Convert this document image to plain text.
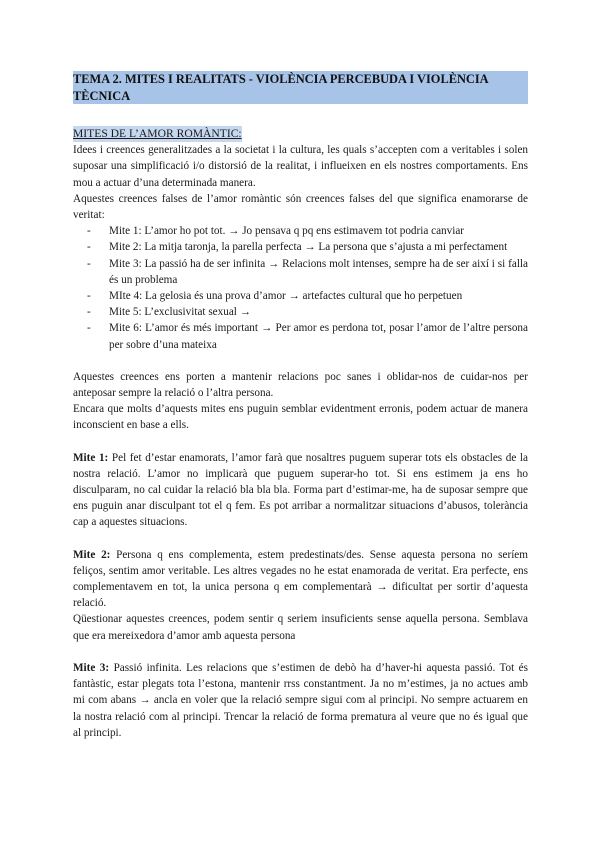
TEMA 2. MITES I REALITATS - VIOLÈNCIA PERCEBUDA I VIOLÈNCIA TÈCNICA
MITES DE L’AMOR ROMÀNTIC:

Idees i creences generalitzades a la societat i la cultura, les quals s’accepten com a veritables i solen suposar una simplificació i/o distorsió de la realitat, i influeixen en els nostres comportaments. Ens mou a actuar d’una determinada manera.

Aquestes creences falses de l’amor romàntic són creences falses del que significa enamorarse de veritat:

- Mite 1: L’amor ho pot tot. → Jo pensava q pq ens estimavem tot podria canviar
- Mite 2: La mitja taronja, la parella perfecta → La persona que s’ajusta a mi perfectament
- Mite 3: La passió ha de ser infinita → Relacions molt intenses, sempre ha de ser així i si falla és un problema
- MIte 4: La gelosia és una prova d’amor → artefactes cultural que ho perpetuen
- Mite 5: L’exclusivitat sexual →
- Mite 6: L’amor és més important → Per amor es perdona tot, posar l’amor de l’altre persona per sobre d’una mateixa

Aquestes creences ens porten a mantenir relacions poc sanes i oblidar-nos de cuidar-nos per anteposar sempre la relació o l’altra persona.

Encara que molts d’aquests mites ens puguin semblar evidentment erronis, podem actuar de manera inconscient en base a ells.

Mite 1: Pel fet d’estar enamorats, l’amor farà que nosaltres puguem superar tots els obstacles de la nostra relació. L’amor no implicarà que puguem superar-ho tot. Si ens estimem ja ens ho disculparam, no cal cuidar la relació bla bla bla. Forma part d’estimar-me, ha de suposar sempre que ens puguin anar disculpant tot el q fem. Es pot arribar a normalitzar situacions d’abusos, tolerància cap a aquestes situacions.

Mite 2: Persona q ens complementa, estem predestinats/des. Sense aquesta persona no seríem feliços, sentim amor veritable. Les altres vegades no he estat enamorada de veritat. Era perfecte, ens complementavem en tot, la unica persona q em complementarà → dificultat per sortir d’aquesta relació.

Qüestionar aquestes creences, podem sentir q seriem insuficients sense aquella persona. Semblava que era mereixedora d’amor amb aquesta persona

Mite 3: Passió infinita. Les relacions que s’estimen de debò ha d’haver-hi aquesta passió. Tot és fantàstic, estar plegats tota l’estona, mantenir rrss constantment. Ja no m’estimes, ja no actues amb mi com abans → ancla en voler que la relació sempre sigui com al principi. No sempre actuarem en la nostra relació com al principi. Trencar la relació de forma prematura al veure que no és igual que al principi.
